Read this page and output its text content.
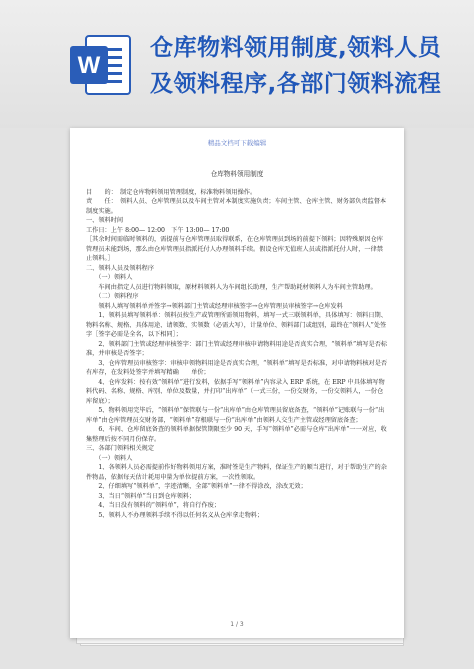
W
仓库物料领用制度,领料人员
及领料程序,各部门领料流程
精品文档可下载编辑
仓库物料领用制度

目　　的：　制定仓库物料领用管理制度，标准物料领用操作。

责　　任：　领料人员、仓库管理员以及车间主管对本制度实施负责；车间主管、仓库主管、财务部负责监督本制度实施。

一、领料时间

工作日：上午 8:00— 12:00　下午 13:00— 17:00

［其余时间需临时领料的，需提前与仓库管理员取得联系，在仓库管理员到场的前提下领料；因特殊原因仓库管理员未能到场，那么由仓库管理员指派托付人办理领料手续。假设仓库无值班人员或指派托付人时，一律禁止领料。］

二、领料人员及领料程序

　　（一）领料人

　　车间由指定人员进行物料领取，原材料领料人为车间组长助理，生产帮助耗材领料人为车间主管助理。

　　（二）领料程序

　　领料人填写领料单并签字→领料部门主管或经理审核签字→仓库管理员审核签字→仓库发料

　　1、领料员填写领料单：领料员按生产或管理所需领用物料，填写一式三联领料单，具体填写：领料日期、物料名称、规格、具体用途、请领数、实领数（必需大写），计量单位、领料部门或组别，最终在“领料人”处签字［签字必需是全名，以下相同］；

　　2、领料部门主管或经理审核签字：部门主管或经理审核申请物料用途是否真实合理，“领料单”填写是否标准，并审核是否签字；

　　3、仓库管理员审核签字：审核申领物料用途是否真实合理，“领料单”填写是否标准，对申请物料核对是否有库存，在发料处签字并填写精确　　单价；

　　4、仓库发料：按有效“领料单”进行发料，依据手写“领料单”内容录入 ERP 系统，在 ERP 中具体填写物料代码、名称、规格、库别、单位及数量，并打印“出库单”（一式三份，一份交财务，一份交领料人，一份仓库留底）；

　　5、物料领用完毕后，“领料单”保管联与一份“出库单”由仓库管理员留底备查，“领料单”记账联与一份“出库单”由仓库管理员交财务部，“领料单”存根联与一份“出库单”由领料人交生产主管或经理留底备查；

　　6、车间、仓库留底备查的领料单据保管期限至少 90 天，手写“领料单”必需与仓库“出库单”一一对应，收集整理后按不同月份保存。

三、各部门领料相关规定

　　（一）领料人

　　1、各领料人员必需提前作好物料领用方案，准时签是生产物料，保证生产的顺当进行，对于帮助生产的杂件物品，依据每天估计耗用申量为单位提前方案，一次性领取。

　　2、仔细填写“领料单”，字迹清晰，全部“领料单”一律不得涂改，涂改无效；

　　3、当日“领料单”当日到仓库领料；

　　4、当日没有领料的“领料单”，将自行作废；

　　5、领料人不办理领料手续不得以任何名义从仓库拿走物料；

1 / 3
